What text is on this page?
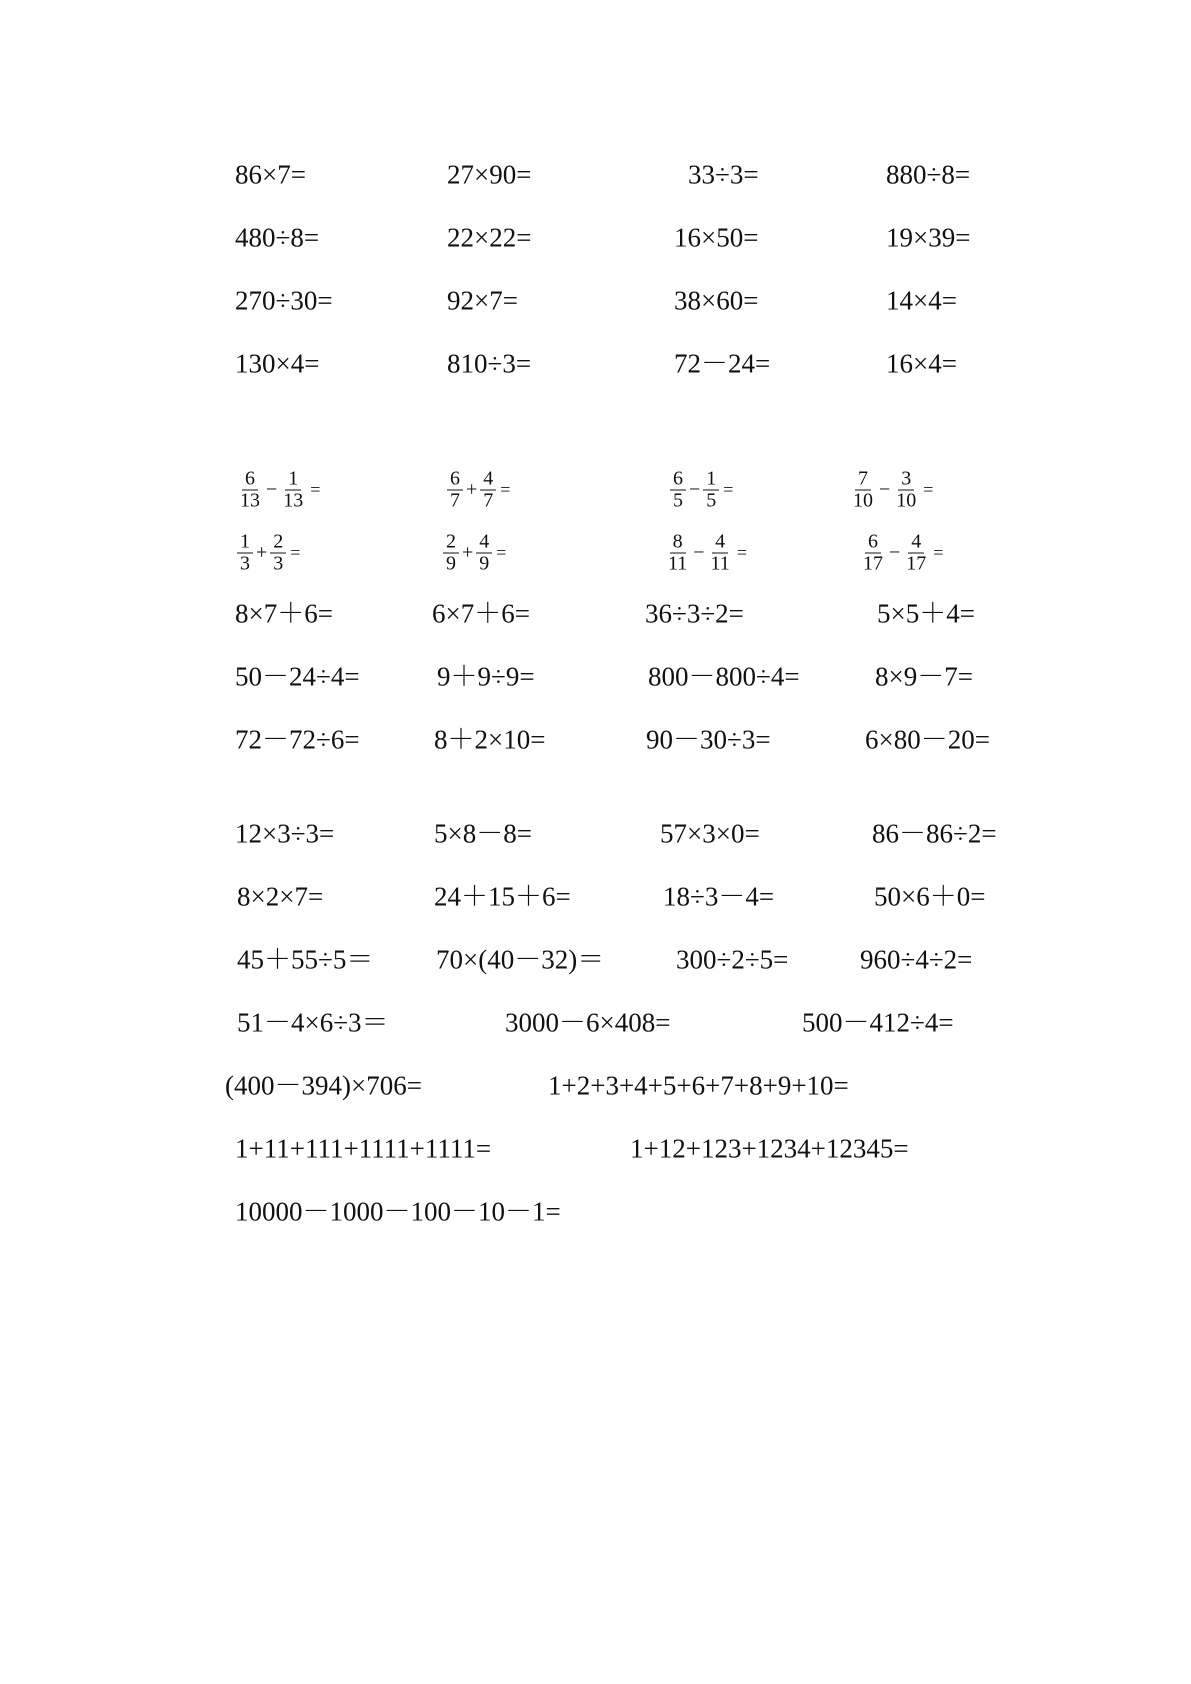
86×7=	27×90=	33÷3=	880÷8=
480÷8=	22×22=	16×50=	19×39=
270÷30=	92×7=	38×60=	14×4=
130×4=	810÷3=	72－24=	16×4=
$\frac{6}{13} - \frac{1}{13}$ =	$\frac{6}{7} + \frac{4}{7}$ =	$\frac{6}{5} - \frac{1}{5}$ =	$\frac{7}{10} - \frac{3}{10}$ =
$\frac{1}{3} + \frac{2}{3}$ =	$\frac{2}{9} + \frac{4}{9}$ =	$\frac{8}{11} - \frac{4}{11}$ =	$\frac{6}{17} - \frac{4}{17}$ =
8×7＋6=	6×7＋6=	36÷3÷2=	5×5＋4=
50－24÷4=	9＋9÷9=	800－800÷4=	8×9－7=
72－72÷6=	8＋2×10=	90－30÷3=	6×80－20=
12×3÷3=	5×8－8=	57×3×0=	86－86÷2=
8×2×7=	24＋15＋6=	18÷3－4=	50×6＋0=
45＋55÷5＝ 70×(40－32)＝	300÷2÷5=	960÷4÷2=
51－4×6÷3＝	3000－6×408=	500－412÷4=
(400－394)×706=	1+2+3+4+5+6+7+8+9+10=
1+11+111+1111+1111=	1+12+123+1234+12345=
10000－1000－100－10－1=
